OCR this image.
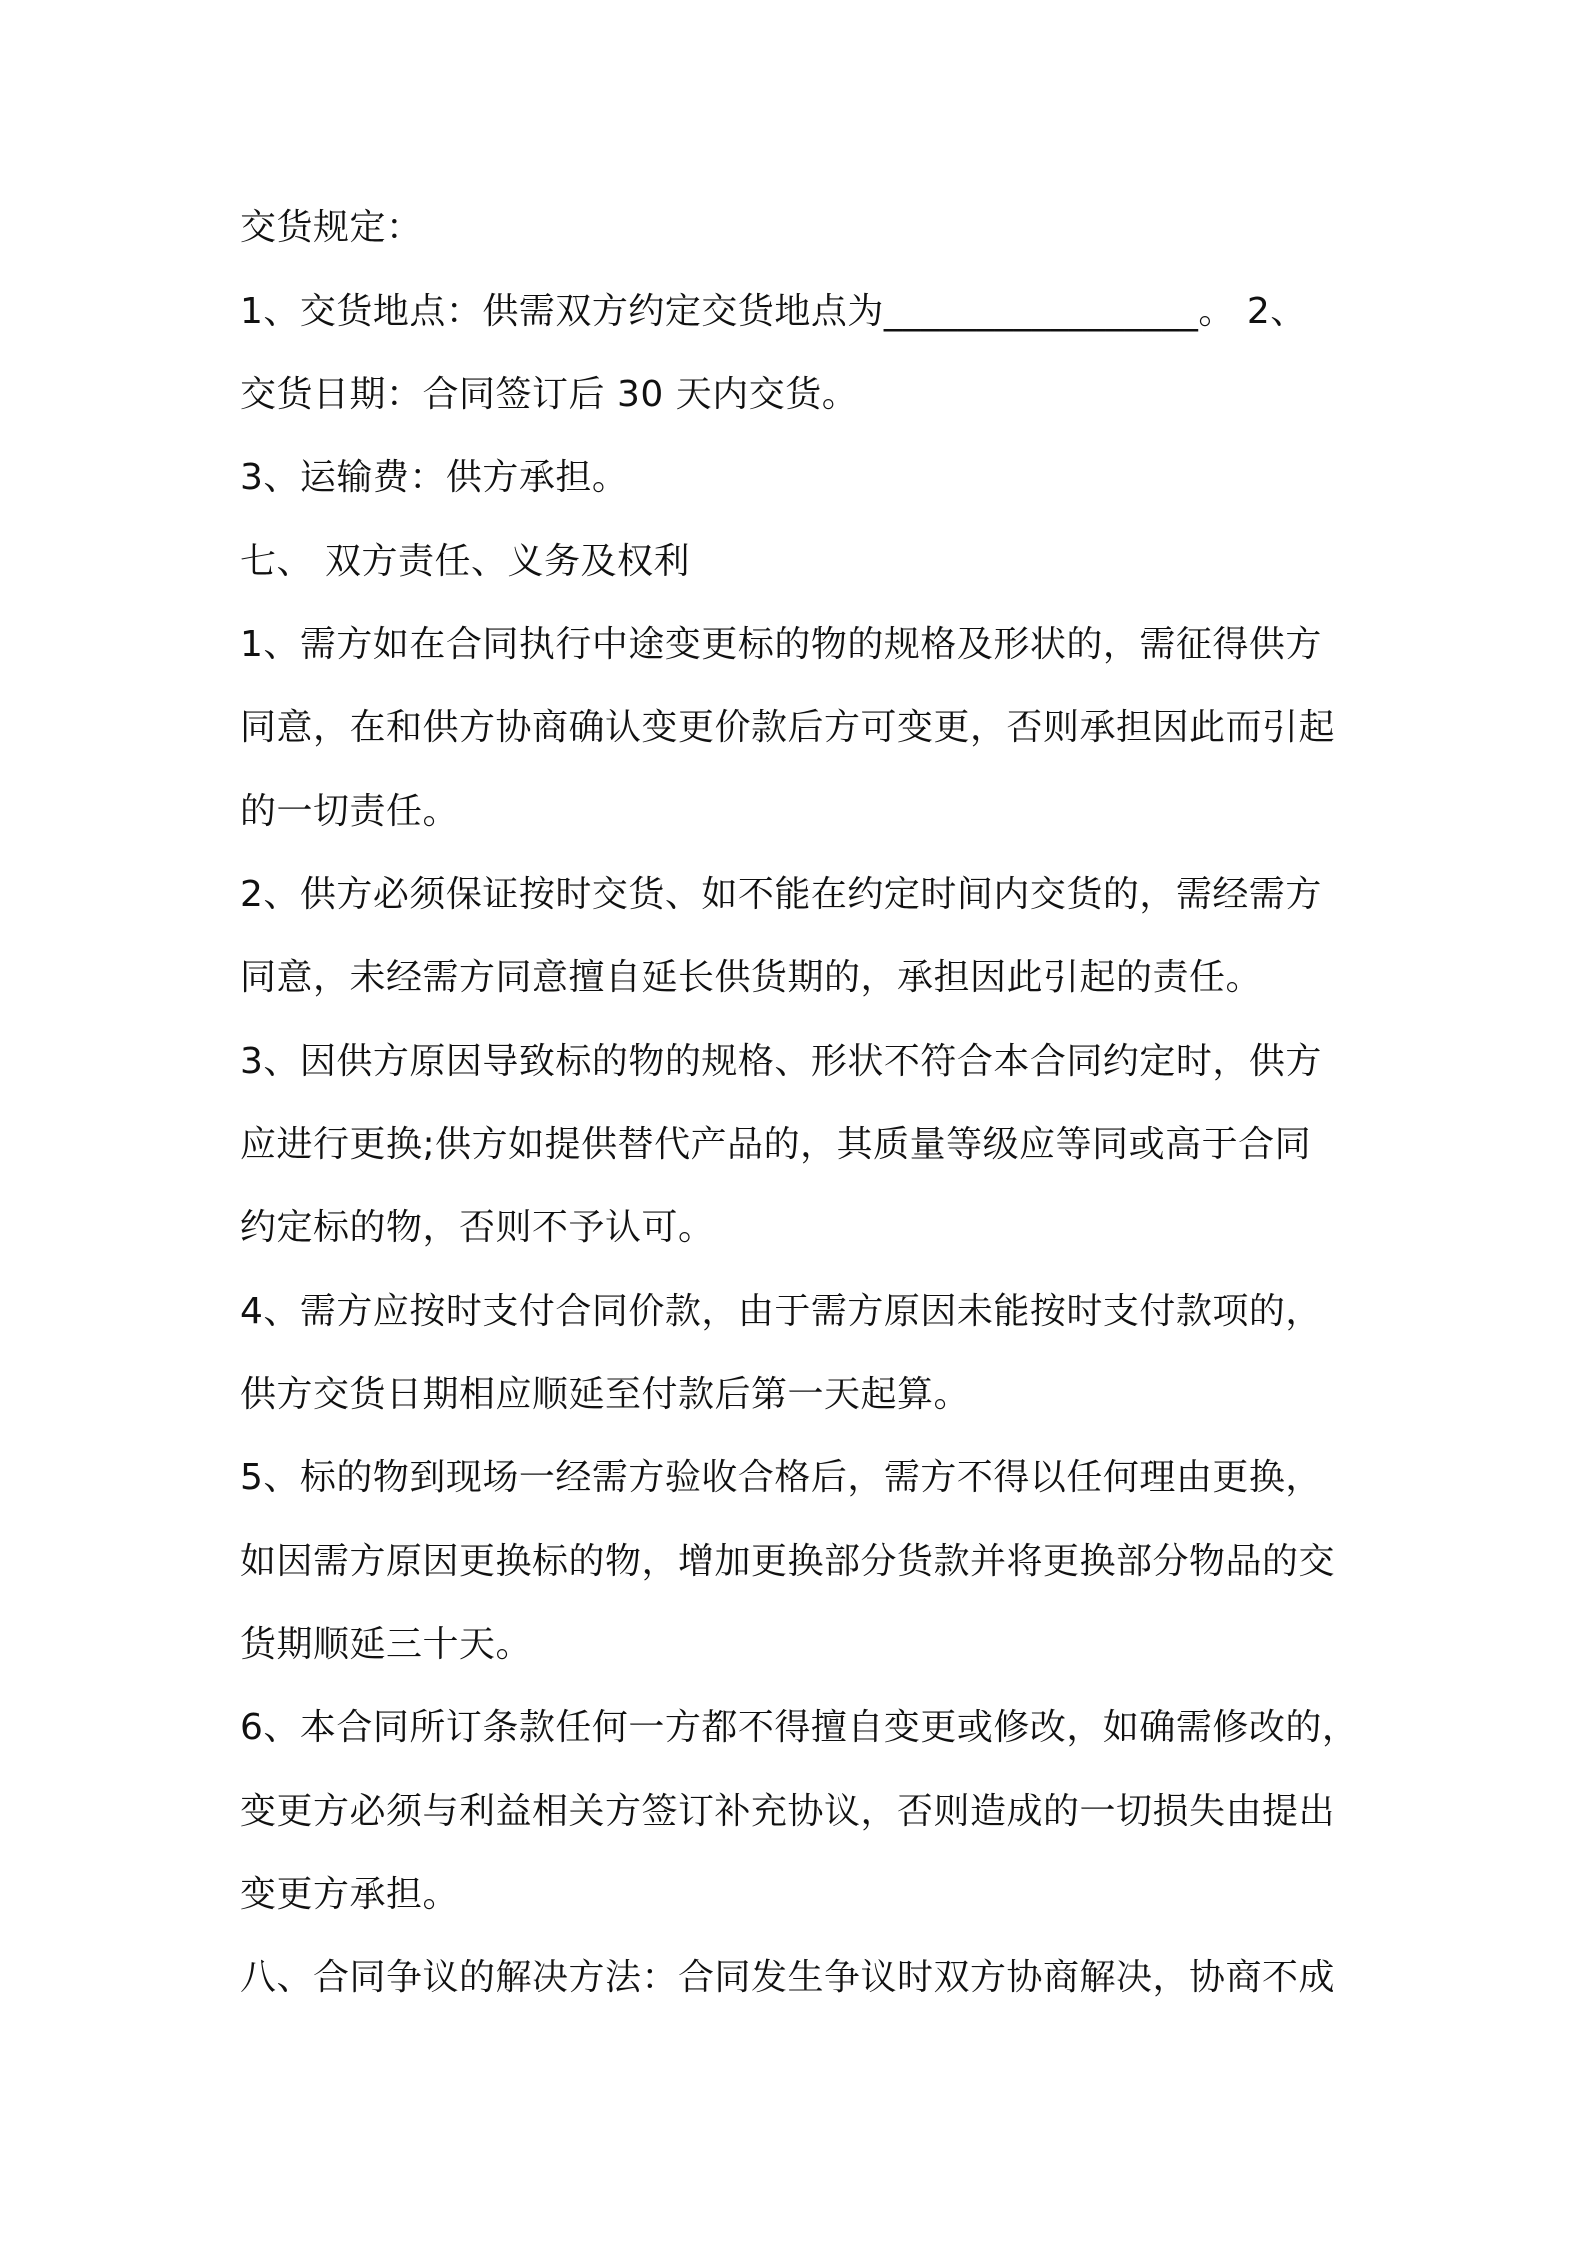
交货规定：
1、交货地点：供需双方约定交货地点为_________________。 2、
交货日期：合同签订后 30 天内交货。
3、运输费：供方承担。
七、 双方责任、义务及权利
1、需方如在合同执行中途变更标的物的规格及形状的，需征得供方
同意，在和供方协商确认变更价款后方可变更，否则承担因此而引起
的一切责任。
2、供方必须保证按时交货、如不能在约定时间内交货的，需经需方
同意，未经需方同意擅自延长供货期的，承担因此引起的责任。
3、因供方原因导致标的物的规格、形状不符合本合同约定时，供方
应进行更换;供方如提供替代产品的，其质量等级应等同或高于合同
约定标的物，否则不予认可。
4、需方应按时支付合同价款，由于需方原因未能按时支付款项的，
供方交货日期相应顺延至付款后第一天起算。
5、标的物到现场一经需方验收合格后，需方不得以任何理由更换，
如因需方原因更换标的物，增加更换部分货款并将更换部分物品的交
货期顺延三十天。
6、本合同所订条款任何一方都不得擅自变更或修改，如确需修改的，
变更方必须与利益相关方签订补充协议，否则造成的一切损失由提出
变更方承担。
八、合同争议的解决方法：合同发生争议时双方协商解决，协商不成
